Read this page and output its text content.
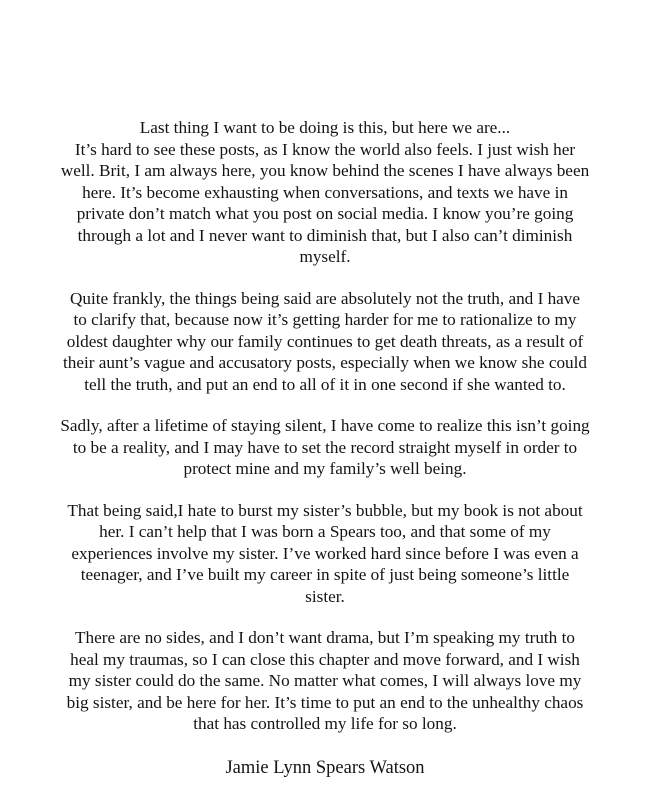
Last thing I want to be doing is this, but here we are...
It’s hard to see these posts, as I know the world also feels. I just wish her
well. Brit, I am always here, you know behind the scenes I have always been
here. It’s become exhausting when conversations, and texts we have in
private don’t match what you post on social media. I know you’re going
through a lot and I never want to diminish that, but I also can’t diminish
myself.

Quite frankly, the things being said are absolutely not the truth, and I have
to clarify that, because now it’s getting harder for me to rationalize to my
oldest daughter why our family continues to get death threats, as a result of
their aunt’s vague and accusatory posts, especially when we know she could
tell the truth, and put an end to all of it in one second if she wanted to.

Sadly, after a lifetime of staying silent, I have come to realize this isn’t going
to be a reality, and I may have to set the record straight myself in order to
protect mine and my family’s well being.

That being said,I hate to burst my sister’s bubble, but my book is not about
her. I can’t help that I was born a Spears too, and that some of my
experiences involve my sister. I’ve worked hard since before I was even a
teenager, and I’ve built my career in spite of just being someone’s little
sister.

There are no sides, and I don’t want drama, but I’m speaking my truth to
heal my traumas, so I can close this chapter and move forward, and I wish
my sister could do the same. No matter what comes, I will always love my
big sister, and be here for her. It’s time to put an end to the unhealthy chaos
that has controlled my life for so long.

Jamie Lynn Spears Watson
